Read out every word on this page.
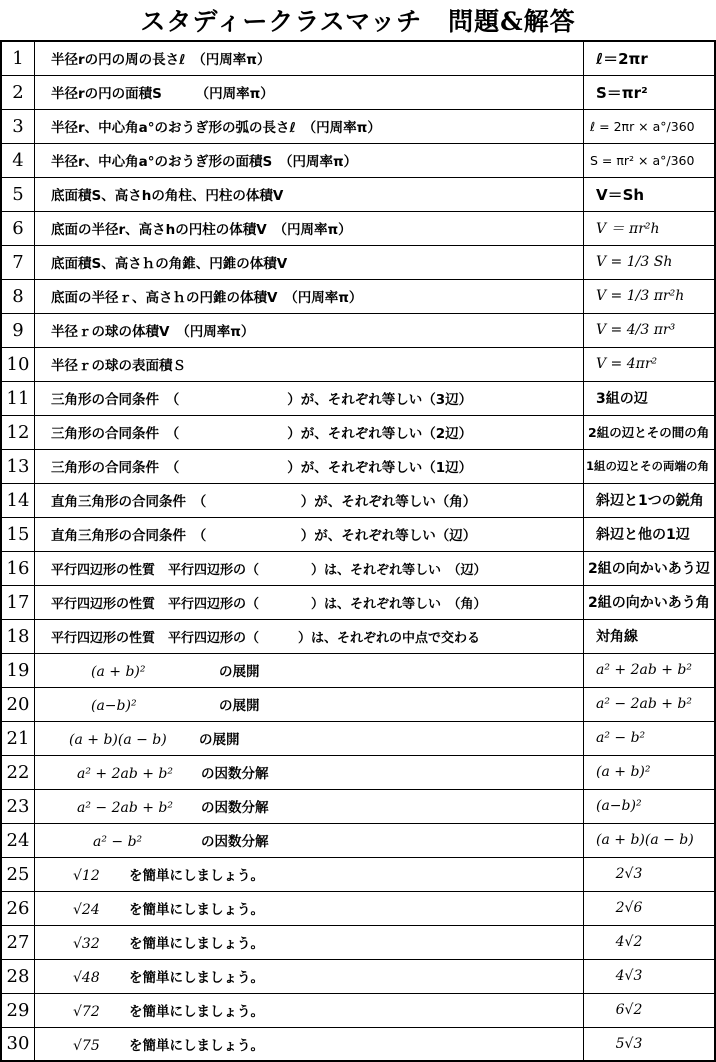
スタディークラスマッチ　問題&解答
1	半径rの円の周の長さℓ　（円周率π）	ℓ＝2πr
2	半径rの円の面積S　　　（円周率π）	S＝πr²
3	半径r、中心角a°のおうぎ形の弧の長さℓ　（円周率π）	ℓ = 2πr × a°/360
4	半径r、中心角a°のおうぎ形の面積S　（円周率π）	S = πr² × a°/360
5	底面積S、高さhの角柱、円柱の体積V	V＝Sh
6	底面の半径r、高さhの円柱の体積V　（円周率π）	V ＝ πr²h
7	底面積S、高さｈの角錐、円錐の体積V	V = 1/3 Sh
8	底面の半径ｒ、高さｈの円錐の体積V　（円周率π）	V = 1/3 πr²h
9	半径ｒの球の体積V　（円周率π）	V = 4/3 πr³
10	半径ｒの球の表面積Ｓ	V = 4πr²
11	三角形の合同条件　（　　　　　　　　）が、それぞれ等しい（3辺）	3組の辺
12	三角形の合同条件　（　　　　　　　　）が、それぞれ等しい（2辺）	2組の辺とその間の角
13	三角形の合同条件　（　　　　　　　　）が、それぞれ等しい（1辺）	1組の辺とその両端の角
14	直角三角形の合同条件　（　　　　　　　）が、それぞれ等しい（角）	斜辺と1つの鋭角
15	直角三角形の合同条件　（　　　　　　　）が、それぞれ等しい（辺）	斜辺と他の1辺
16	平行四辺形の性質　平行四辺形の（　　　　）は、それぞれ等しい　（辺）	2組の向かいあう辺
17	平行四辺形の性質　平行四辺形の（　　　　）は、それぞれ等しい　（角）	2組の向かいあう角
18	平行四辺形の性質　平行四辺形の（　　　）は、それぞれの中点で交わる	対角線
19	(a + b)² の展開	a² + 2ab + b²
20	(a−b)² の展開	a² − 2ab + b²
21	(a + b)(a − b) の展開	a² − b²
22	a² + 2ab + b² の因数分解	(a + b)²
23	a² − 2ab + b² の因数分解	(a−b)²
24	a² − b² の因数分解	(a + b)(a − b)
25	√12 を簡単にしましょう。	2√3
26	√24 を簡単にしましょう。	2√6
27	√32 を簡単にしましょう。	4√2
28	√48 を簡単にしましょう。	4√3
29	√72 を簡単にしましょう。	6√2
30	√75 を簡単にしましょう。	5√3
